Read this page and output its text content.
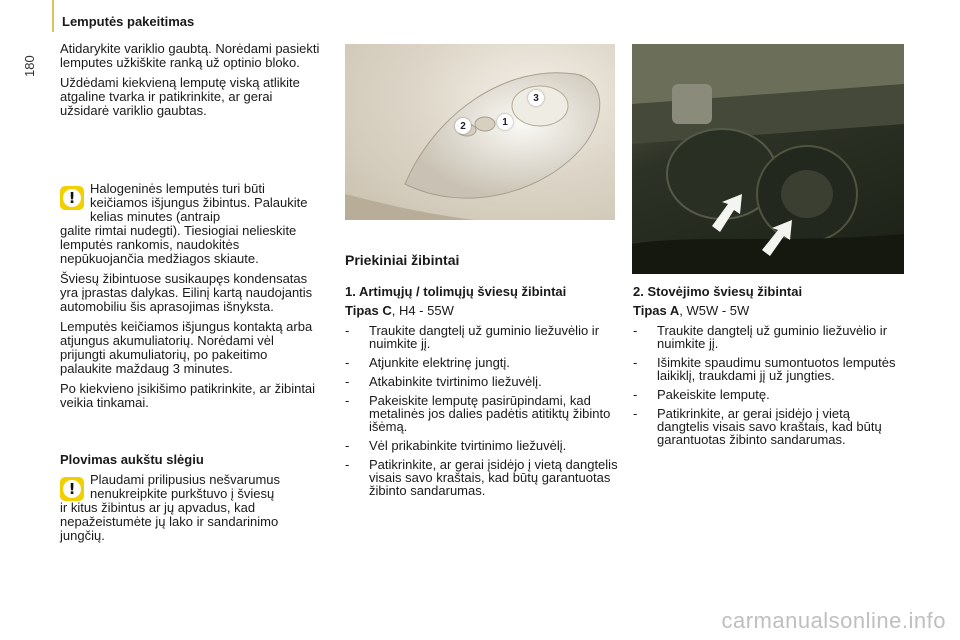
180
Lemputės pakeitimas

Atidarykite variklio gaubtą. Norėdami pasiekti lemputes užkiškite ranką už optinio bloko.

Uždėdami kiekvieną lemputę viską atlikite atgaline tvarka ir patikrinkite, ar gerai užsidarė variklio gaubtas.

!

Halogeninės lemputės turi būti keičiamos išjungus žibintus. Palaukite kelias minutes (antraip

galite rimtai nudegti). Tiesiogiai nelieskite lemputės rankomis, naudokitės nepūkuojančia medžiagos skiaute.

Šviesų žibintuose susikaupęs kondensatas yra įprastas dalykas. Eilinį kartą naudojantis automobiliu šis aprasojimas išnyksta.

Lemputės keičiamos išjungus kontaktą arba atjungus akumuliatorių. Norėdami vėl prijungti akumuliatorių, po pakeitimo palaukite maždaug 3 minutes.

Po kiekvieno įsikišimo patikrinkite, ar žibintai veikia tinkamai.

Plovimas aukštu slėgiu
!

Plaudami prilipusius nešvarumus nenukreipkite purkštuvo į šviesų

ir kitus žibintus ar jų apvadus, kad nepažeistumėte jų lako ir sandarinimo jungčių.

3
2	1
Priekiniai žibintai
1. Artimųjų / tolimųjų šviesų žibintai

Tipas C, H4 - 55W

- Traukite dangtelį už guminio liežuvėlio ir nuimkite jį.
- Atjunkite elektrinę jungtį.
- Atkabinkite tvirtinimo liežuvėlį.
- Pakeiskite lemputę pasirūpindami, kad metalinės jos dalies padėtis atitiktų žibinto išėmą.
- Vėl prikabinkite tvirtinimo liežuvėlį.
- Patikrinkite, ar gerai įsidėjo į vietą dangtelis visais savo kraštais, kad būtų garantuotas žibinto sandarumas.
2. Stovėjimo šviesų žibintai

Tipas A, W5W - 5W

- Traukite dangtelį už guminio liežuvėlio ir nuimkite jį.
- Išimkite spaudimu sumontuotos lemputės laikiklį, traukdami jį už jungties.
- Pakeiskite lemputę.
- Patikrinkite, ar gerai įsidėjo į vietą dangtelis visais savo kraštais, kad būtų garantuotas žibinto sandarumas.
carmanualsonline.info
